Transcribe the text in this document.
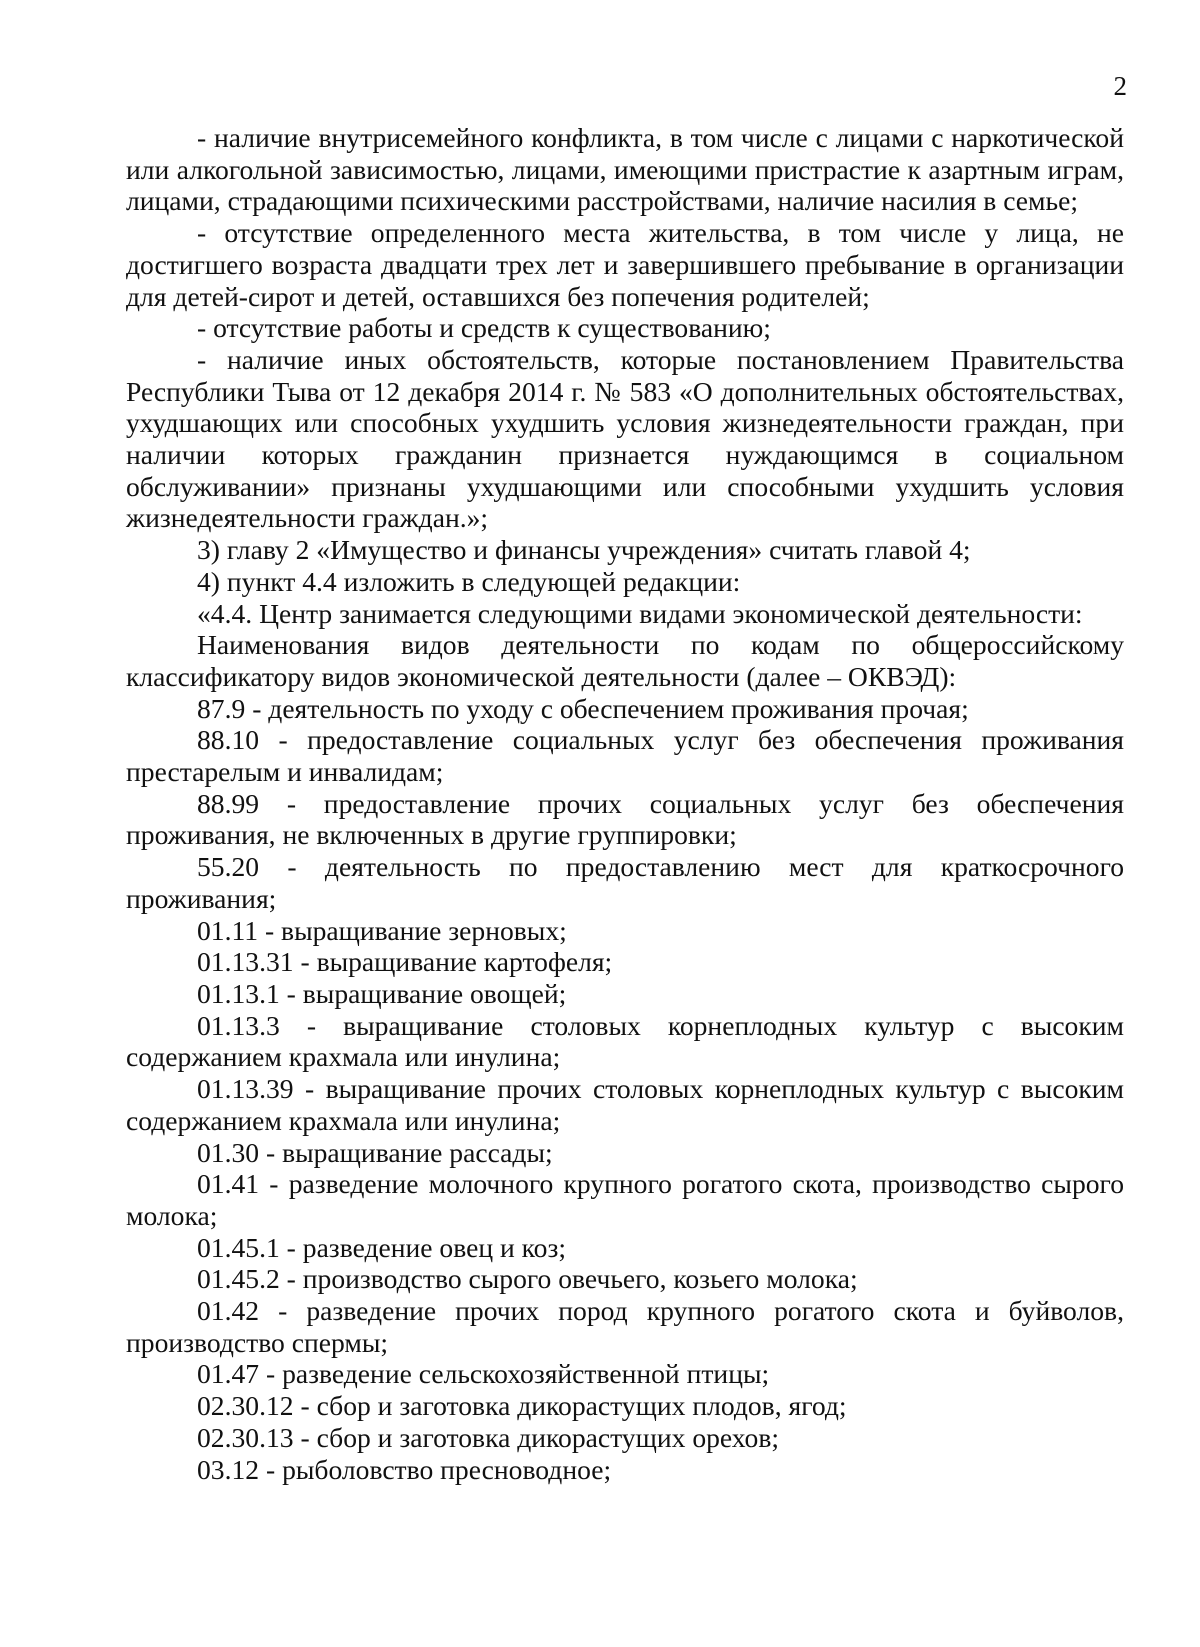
2

- наличие внутрисемейного конфликта, в том числе с лицами с наркотической или алкогольной зависимостью, лицами, имеющими пристрастие к азартным играм, лицами, страдающими психическими расстройствами, наличие насилия в семье;

- отсутствие определенного места жительства, в том числе у лица, не достигшего возраста двадцати трех лет и завершившего пребывание в организации для детей-сирот и детей, оставшихся без попечения родителей;

- отсутствие работы и средств к существованию;

- наличие иных обстоятельств, которые постановлением Правительства Республики Тыва от 12 декабря 2014 г. № 583 «О дополнительных обстоятельствах, ухудшающих или способных ухудшить условия жизнедеятельности граждан, при наличии которых гражданин признается нуждающимся в социальном обслуживании» признаны ухудшающими или способными ухудшить условия жизнедеятельности граждан.»;

3) главу 2 «Имущество и финансы учреждения» считать главой 4;

4) пункт 4.4 изложить в следующей редакции:

«4.4. Центр занимается следующими видами экономической деятельности:

Наименования видов деятельности по кодам по общероссийскому классификатору видов экономической деятельности (далее – ОКВЭД):

87.9 - деятельность по уходу с обеспечением проживания прочая;

88.10 - предоставление социальных услуг без обеспечения проживания престарелым и инвалидам;

88.99 - предоставление прочих социальных услуг без обеспечения проживания, не включенных в другие группировки;

55.20 - деятельность по предоставлению мест для краткосрочного проживания;

01.11 - выращивание зерновых;

01.13.31 - выращивание картофеля;

01.13.1 - выращивание овощей;

01.13.3 - выращивание столовых корнеплодных культур с высоким содержанием крахмала или инулина;

01.13.39 - выращивание прочих столовых корнеплодных культур с высоким содержанием крахмала или инулина;

01.30 - выращивание рассады;

01.41 - разведение молочного крупного рогатого скота, производство сырого молока;

01.45.1 - разведение овец и коз;

01.45.2 - производство сырого овечьего, козьего молока;

01.42 - разведение прочих пород крупного рогатого скота и буйволов, производство спермы;

01.47 - разведение сельскохозяйственной птицы;

02.30.12 - сбор и заготовка дикорастущих плодов, ягод;

02.30.13 - сбор и заготовка дикорастущих орехов;

03.12 - рыболовство пресноводное;
